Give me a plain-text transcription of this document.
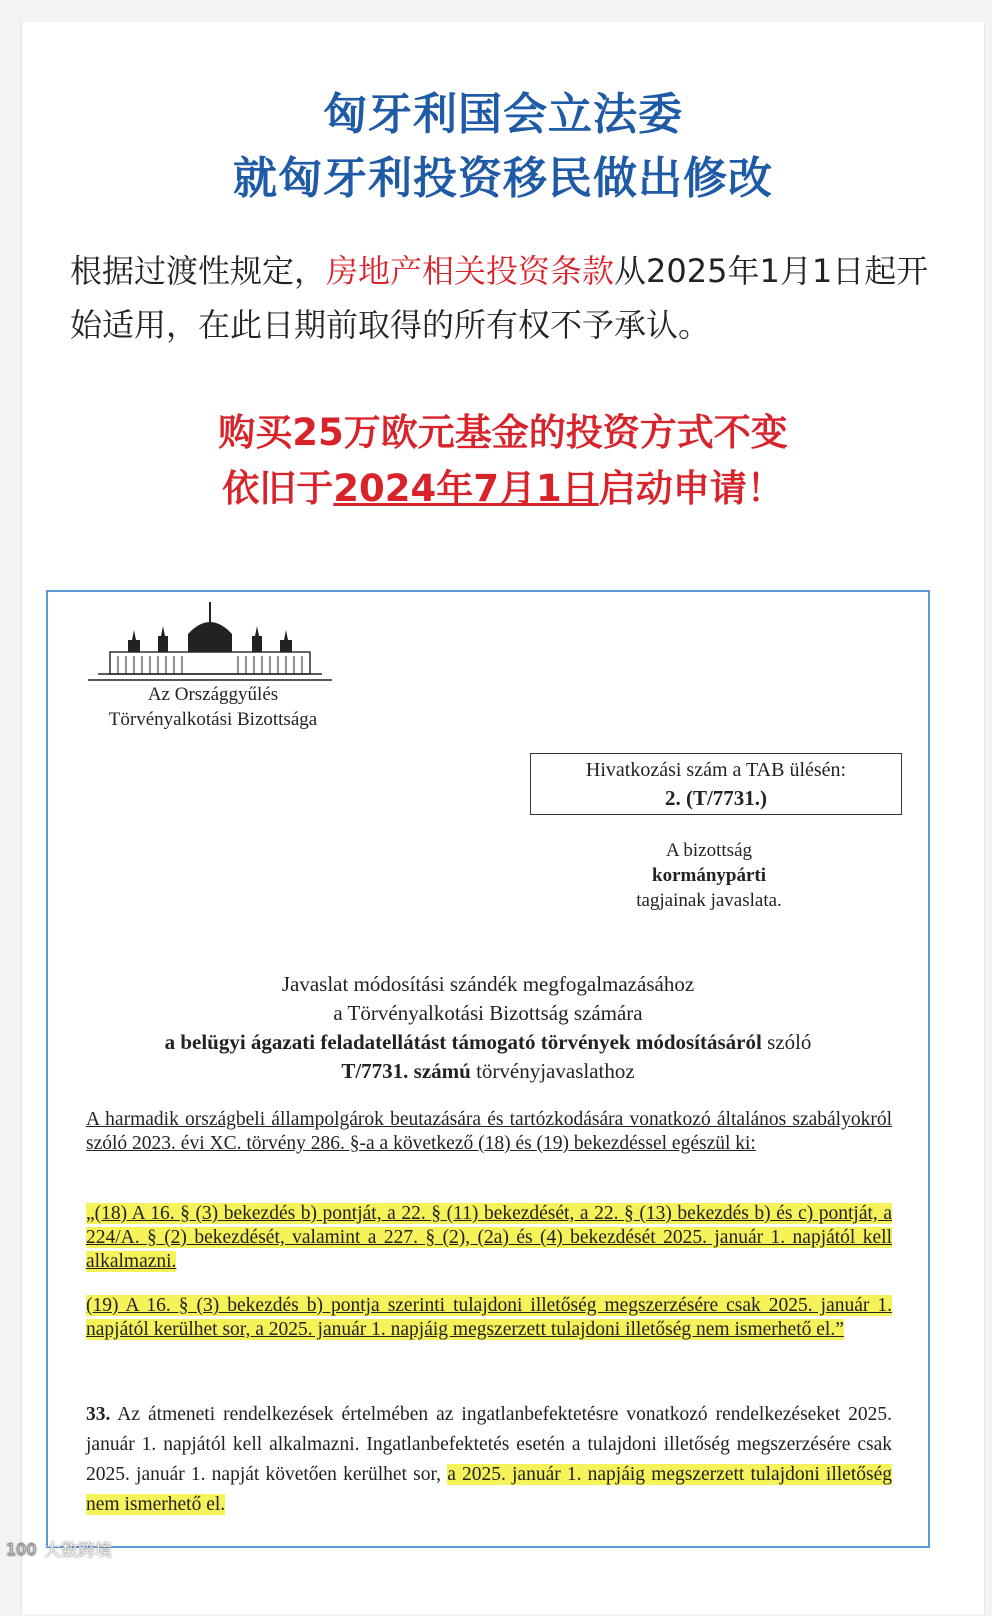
匈牙利国会立法委
就匈牙利投资移民做出修改
根据过渡性规定，房地产相关投资条款从2025年1月1日起开始适用，在此日期前取得的所有权不予承认。
购买25万欧元基金的投资方式不变
依旧于2024年7月1日启动申请！
Az Országgyűlés
Törvényalkotási Bizottsága
Hivatkozási szám a TAB ülésén:
2. (T/7731.)
A bizottság
kormánypárti
tagjainak javaslata.
Javaslat módosítási szándék megfogalmazásához
a Törvényalkotási Bizottság számára
a belügyi ágazati feladatellátást támogató törvények módosításáról szóló
T/7731. számú törvényjavaslathoz
A harmadik országbeli állampolgárok beutazására és tartózkodására vonatkozó általános szabályokról szóló 2023. évi XC. törvény 286. §-a a következő (18) és (19) bekezdéssel egészül ki:
„(18) A 16. § (3) bekezdés b) pontját, a 22. § (11) bekezdését, a 22. § (13) bekezdés b) és c) pontját, a 224/A. § (2) bekezdését, valamint a 227. § (2), (2a) és (4) bekezdését 2025. január 1. napjától kell alkalmazni.
(19) A 16. § (3) bekezdés b) pontja szerinti tulajdoni illetőség megszerzésére csak 2025. január 1. napjától kerülhet sor, a 2025. január 1. napjáig megszerzett tulajdoni illetőség nem ismerhető el.”
33. Az átmeneti rendelkezések értelmében az ingatlanbefektetésre vonatkozó rendelkezéseket 2025. január 1. napjától kell alkalmazni. Ingatlanbefektetés esetén a tulajdoni illetőség megszerzésére csak 2025. január 1. napját követően kerülhet sor, a 2025. január 1. napjáig megszerzett tulajdoni illetőség nem ismerhető el.
100 大数跨境
